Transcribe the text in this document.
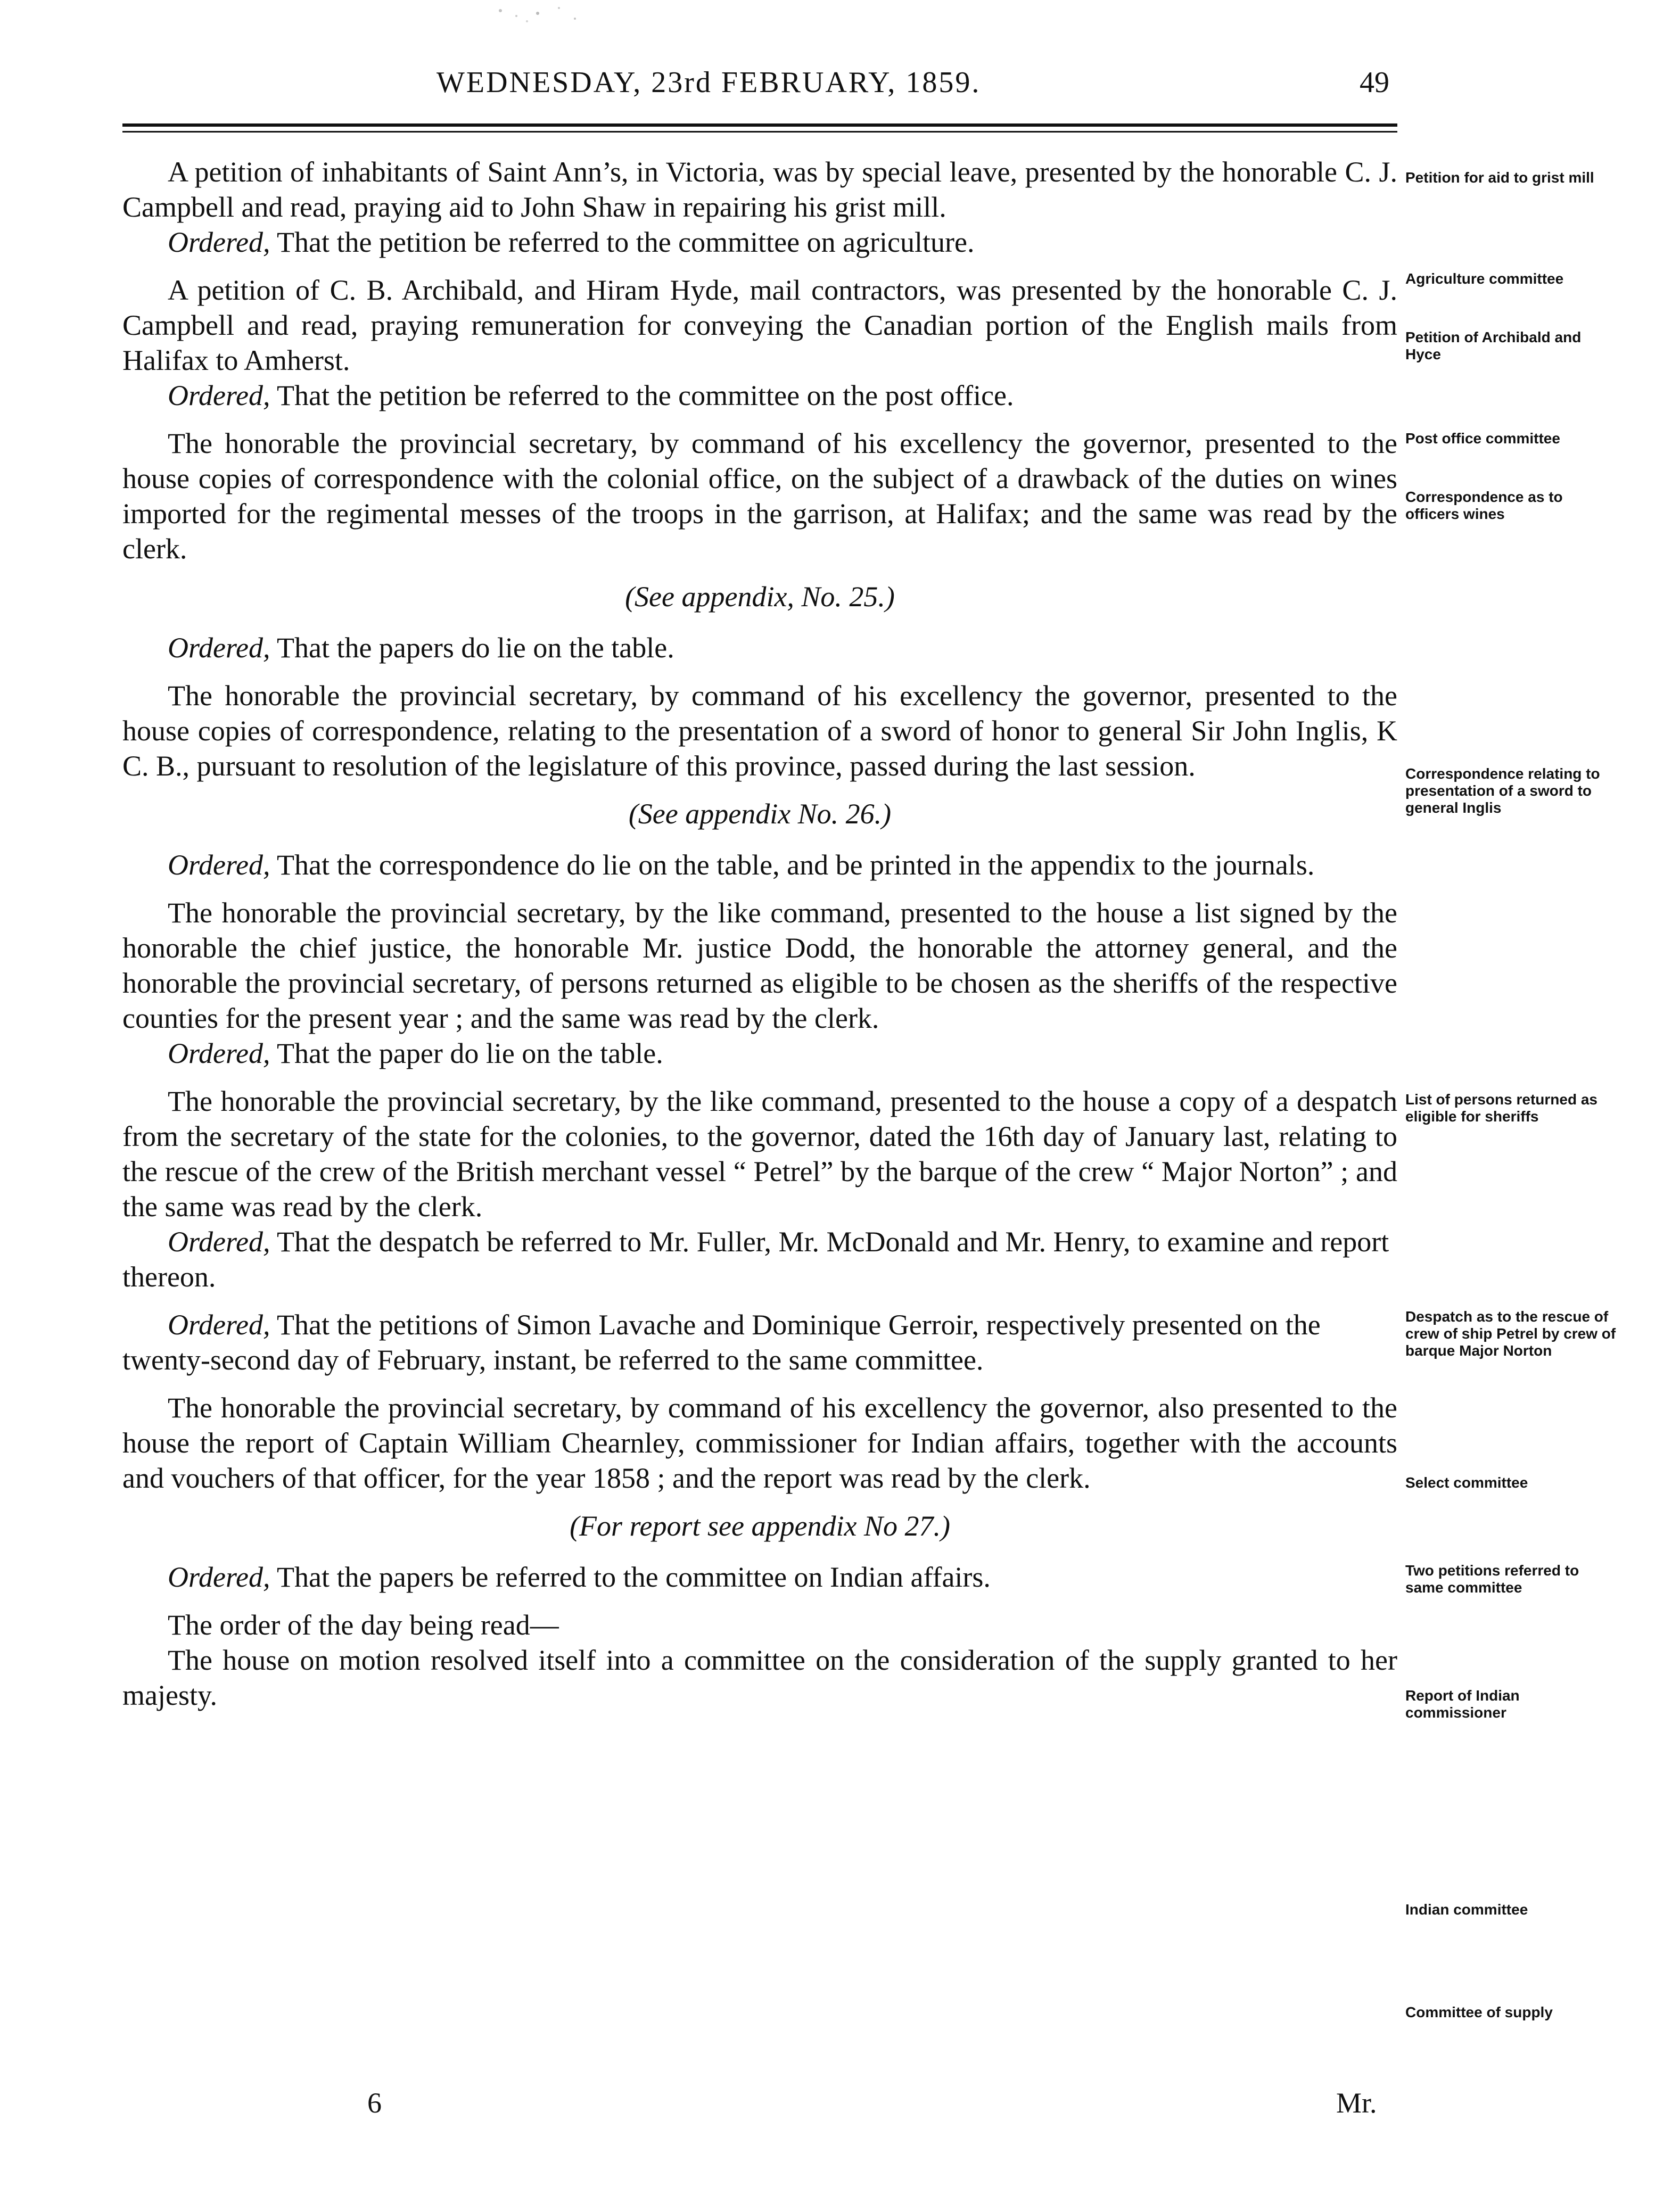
WEDNESDAY, 23rd FEBRUARY, 1859.	49

A petition of inhabitants of Saint Ann’s, in Victoria, was by special leave, presented by the honorable C. J. Campbell and read, praying aid to John Shaw in repairing his grist mill.

Ordered, That the petition be referred to the committee on agriculture.

A petition of C. B. Archibald, and Hiram Hyde, mail contractors, was presented by the honorable C. J. Campbell and read, praying remuneration for conveying the Canadian portion of the English mails from Halifax to Amherst.

Ordered, That the petition be referred to the committee on the post office.

The honorable the provincial secretary, by command of his excellency the governor, presented to the house copies of correspondence with the colonial office, on the subject of a drawback of the duties on wines imported for the regimental messes of the troops in the garrison, at Halifax; and the same was read by the clerk.

(See appendix, No. 25.)

Ordered, That the papers do lie on the table.

The honorable the provincial secretary, by command of his excellency the governor, presented to the house copies of correspondence, relating to the presentation of a sword of honor to general Sir John Inglis, K C. B., pursuant to resolution of the legislature of this province, passed during the last session.

(See appendix No. 26.)

Ordered, That the correspondence do lie on the table, and be printed in the appendix to the journals.

The honorable the provincial secretary, by the like command, presented to the house a list signed by the honorable the chief justice, the honorable Mr. justice Dodd, the honorable the attorney general, and the honorable the provincial secretary, of persons returned as eligible to be chosen as the sheriffs of the respective counties for the present year ; and the same was read by the clerk.

Ordered, That the paper do lie on the table.

The honorable the provincial secretary, by the like command, presented to the house a copy of a despatch from the secretary of the state for the colonies, to the governor, dated the 16th day of January last, relating to the rescue of the crew of the British merchant vessel “ Petrel” by the barque of the crew “ Major Norton” ; and the same was read by the clerk.

Ordered, That the despatch be referred to Mr. Fuller, Mr. McDonald and Mr. Henry, to examine and report thereon.

Ordered, That the petitions of Simon Lavache and Dominique Gerroir, respectively presented on the twenty-second day of February, instant, be referred to the same committee.

The honorable the provincial secretary, by command of his excellency the governor, also presented to the house the report of Captain William Chearnley, commissioner for Indian affairs, together with the accounts and vouchers of that officer, for the year 1858 ; and the report was read by the clerk.

(For report see appendix No 27.)

Ordered, That the papers be referred to the committee on Indian affairs.

The order of the day being read—

The house on motion resolved itself into a committee on the consideration of the supply granted to her majesty.

Petition for aid to grist mill
Agriculture committee
Petition of Archibald and Hyce
Post office committee
Correspondence as to officers wines
Correspondence relating to presentation of a sword to general Inglis
List of persons returned as eligible for sheriffs
Despatch as to the rescue of crew of ship Petrel by crew of barque Major Norton
Select committee
Two petitions referred to same committee
Report of Indian commissioner
Indian committee
Committee of supply
6	Mr.
